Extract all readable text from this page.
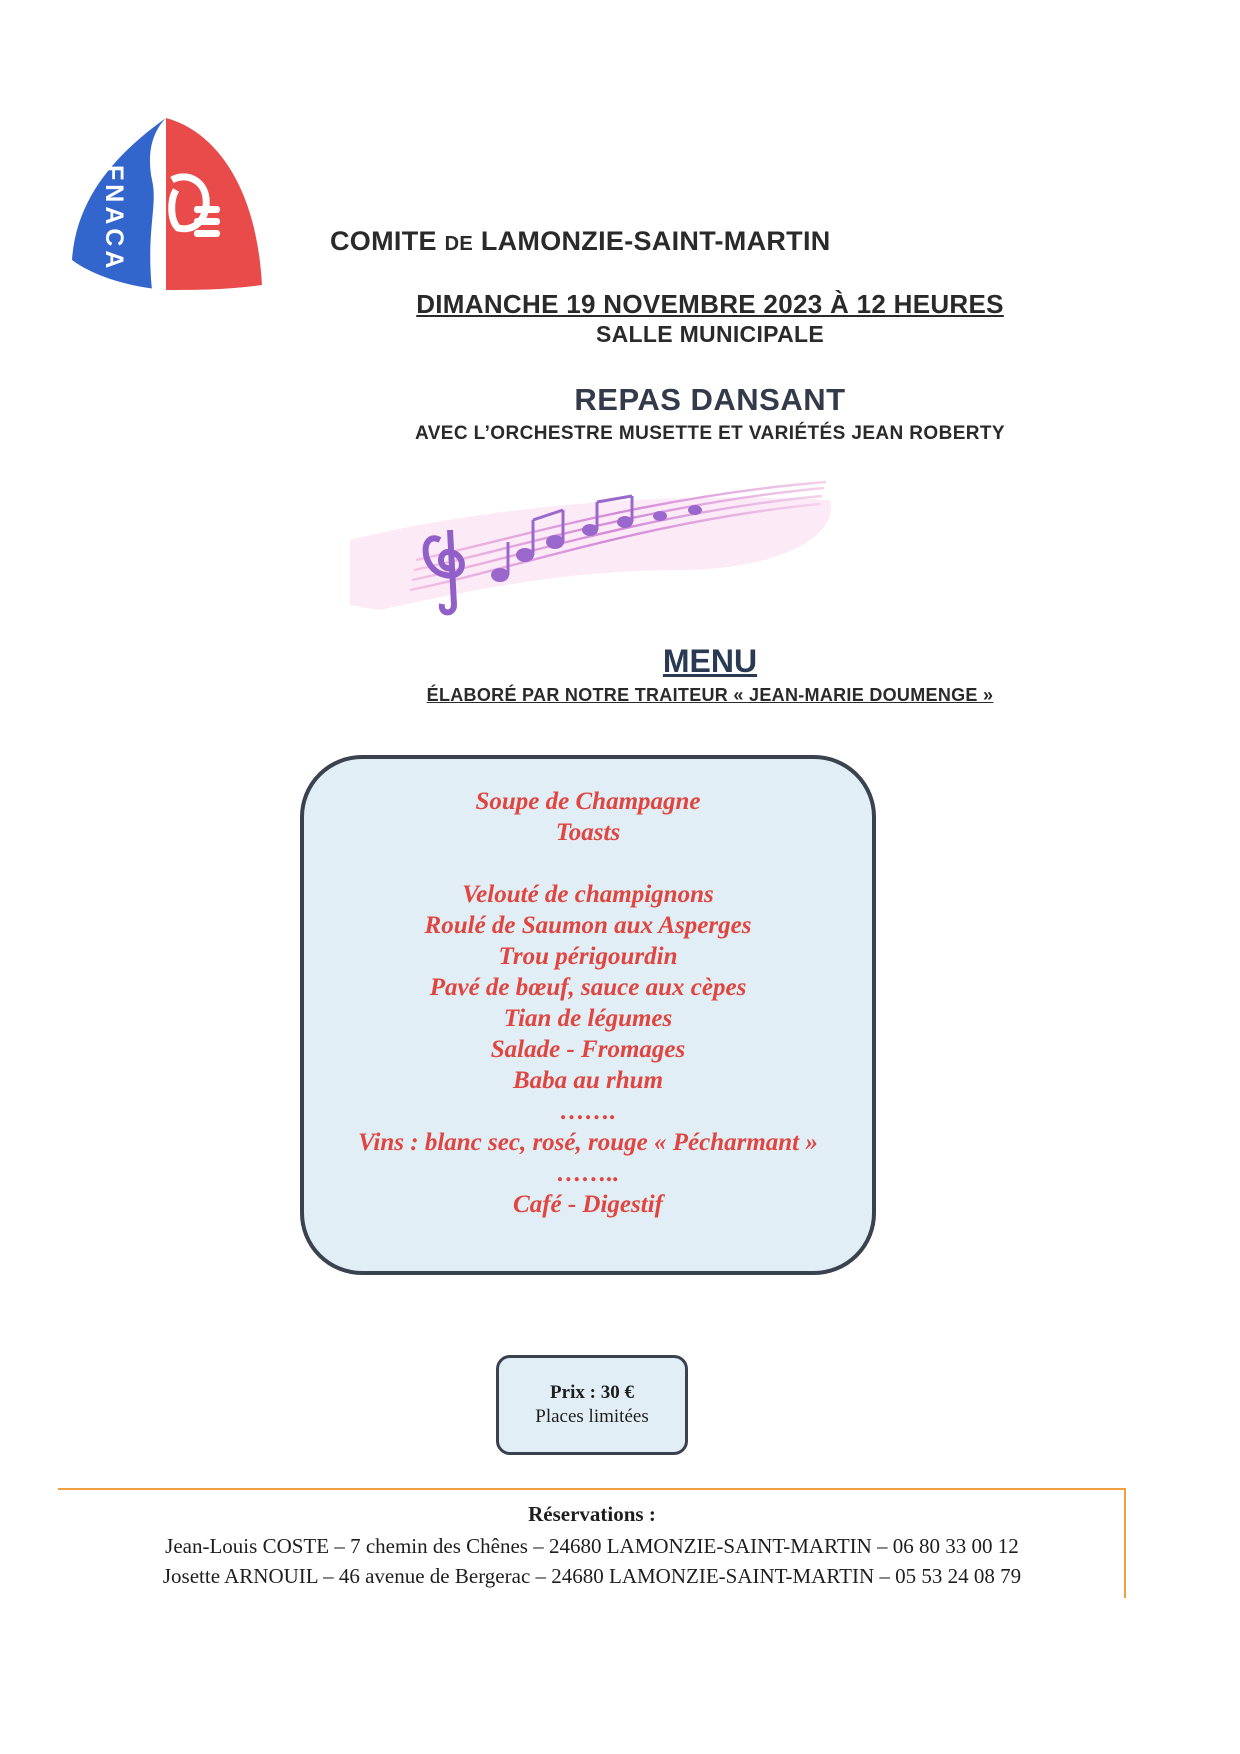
FNACA	COMITE DE LAMONZIE-SAINT-MARTIN
DIMANCHE 19 NOVEMBRE 2023 À 12 HEURES
SALLE MUNICIPALE
REPAS DANSANT
AVEC L’ORCHESTRE MUSETTE ET VARIÉTÉS JEAN ROBERTY
MENU
ÉLABORÉ PAR NOTRE TRAITEUR « JEAN-MARIE DOUMENGE »
Soupe de Champagne
Toasts
Velouté de champignons
Roulé de Saumon aux Asperges
Trou périgourdin
Pavé de bœuf, sauce aux cèpes
Tian de légumes
Salade - Fromages
Baba au rhum
…….
Vins : blanc sec, rosé, rouge « Pécharmant »
……..
Café - Digestif
Prix : 30 €
Places limitées
Réservations :
Jean-Louis COSTE – 7 chemin des Chênes – 24680 LAMONZIE-SAINT-MARTIN – 06 80 33 00 12
Josette ARNOUIL – 46 avenue de Bergerac – 24680 LAMONZIE-SAINT-MARTIN – 05 53 24 08 79
